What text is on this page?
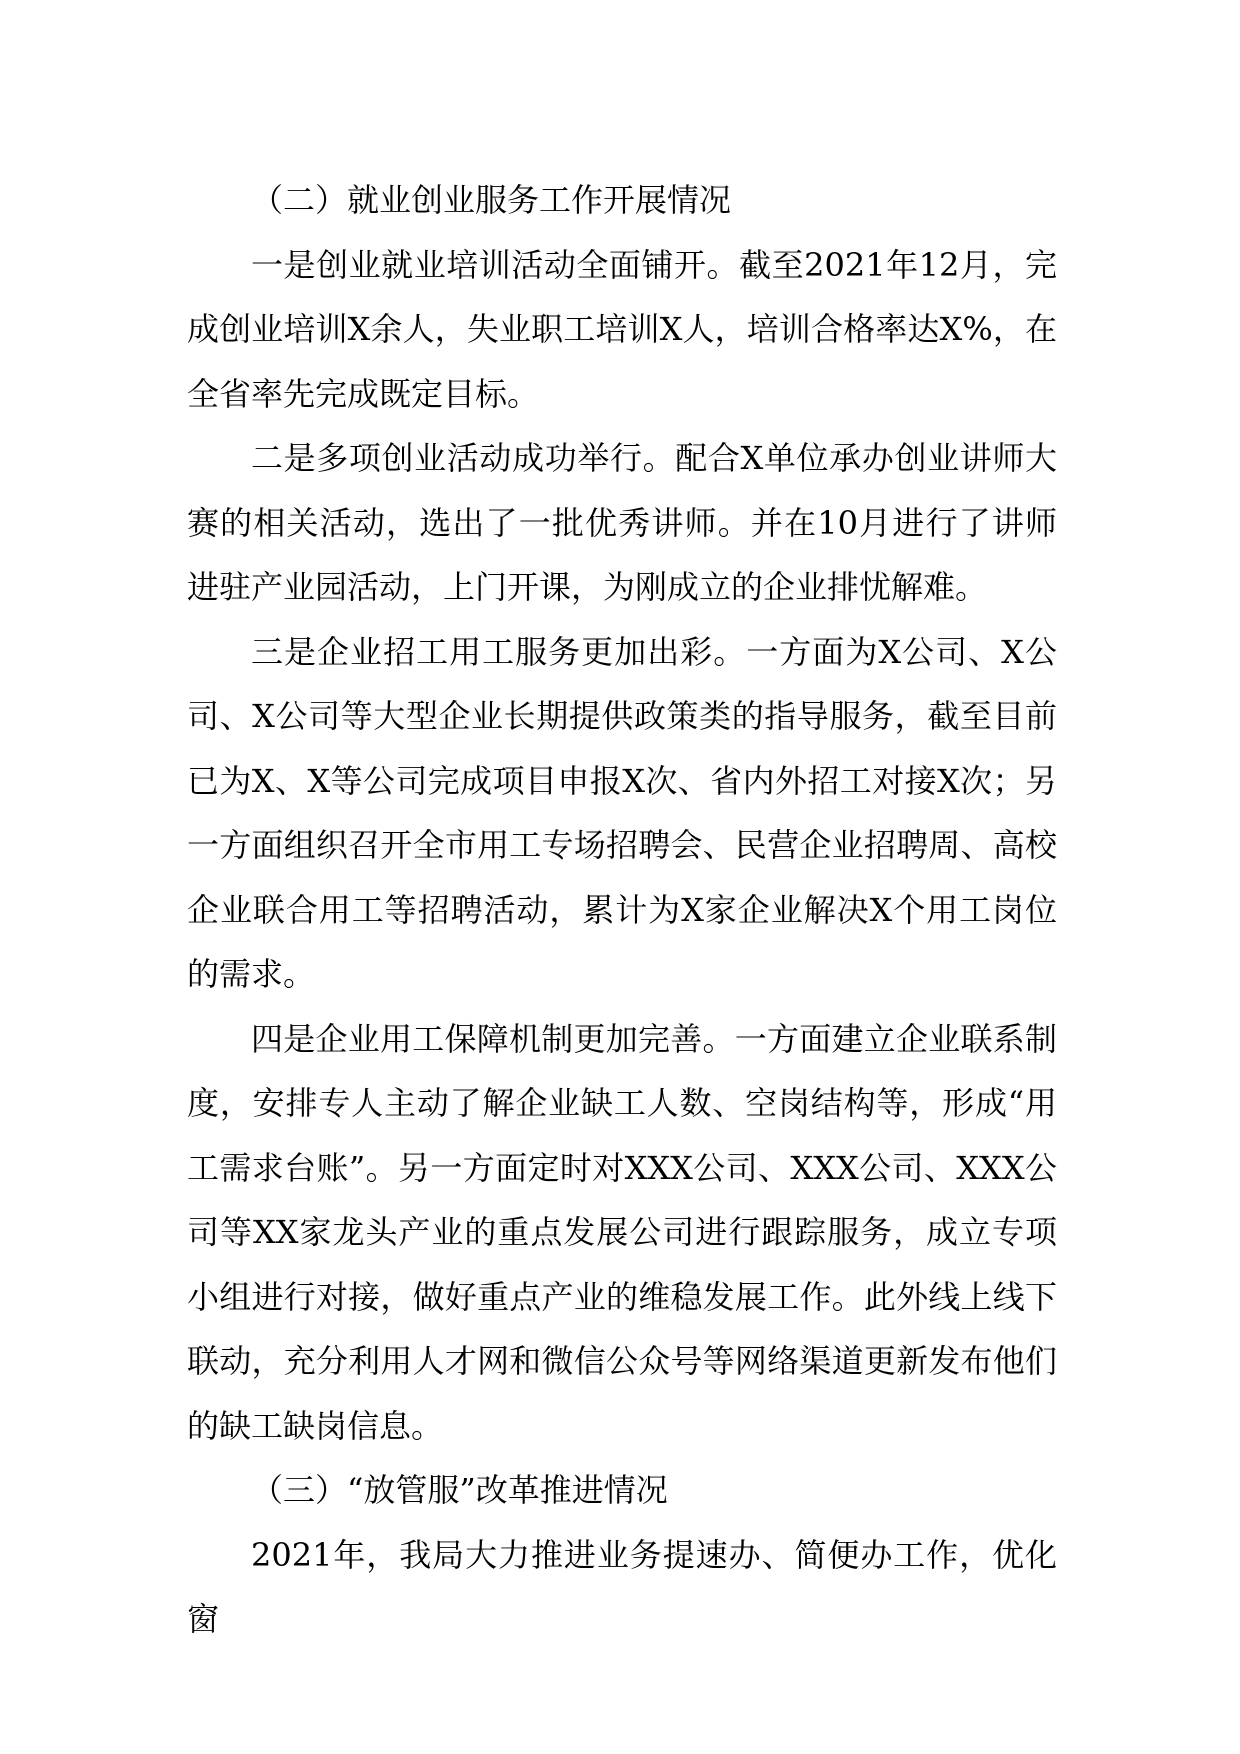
（二）就业创业服务工作开展情况

一是创业就业培训活动全面铺开。截至2021年12月，完成创业培训X余人，失业职工培训X人，培训合格率达X%，在全省率先完成既定目标。

二是多项创业活动成功举行。配合X单位承办创业讲师大赛的相关活动，选出了一批优秀讲师。并在10月进行了讲师进驻产业园活动，上门开课，为刚成立的企业排忧解难。

三是企业招工用工服务更加出彩。一方面为X公司、X公司、X公司等大型企业长期提供政策类的指导服务，截至目前已为X、X等公司完成项目申报X次、省内外招工对接X次；另一方面组织召开全市用工专场招聘会、民营企业招聘周、高校企业联合用工等招聘活动，累计为X家企业解决X个用工岗位的需求。

四是企业用工保障机制更加完善。一方面建立企业联系制度，安排专人主动了解企业缺工人数、空岗结构等，形成“用工需求台账”。另一方面定时对XXX公司、XXX公司、XXX公司等XX家龙头产业的重点发展公司进行跟踪服务，成立专项小组进行对接，做好重点产业的维稳发展工作。此外线上线下联动，充分利用人才网和微信公众号等网络渠道更新发布他们的缺工缺岗信息。

（三）“放管服”改革推进情况

2021年，我局大力推进业务提速办、简便办工作，优化窗
